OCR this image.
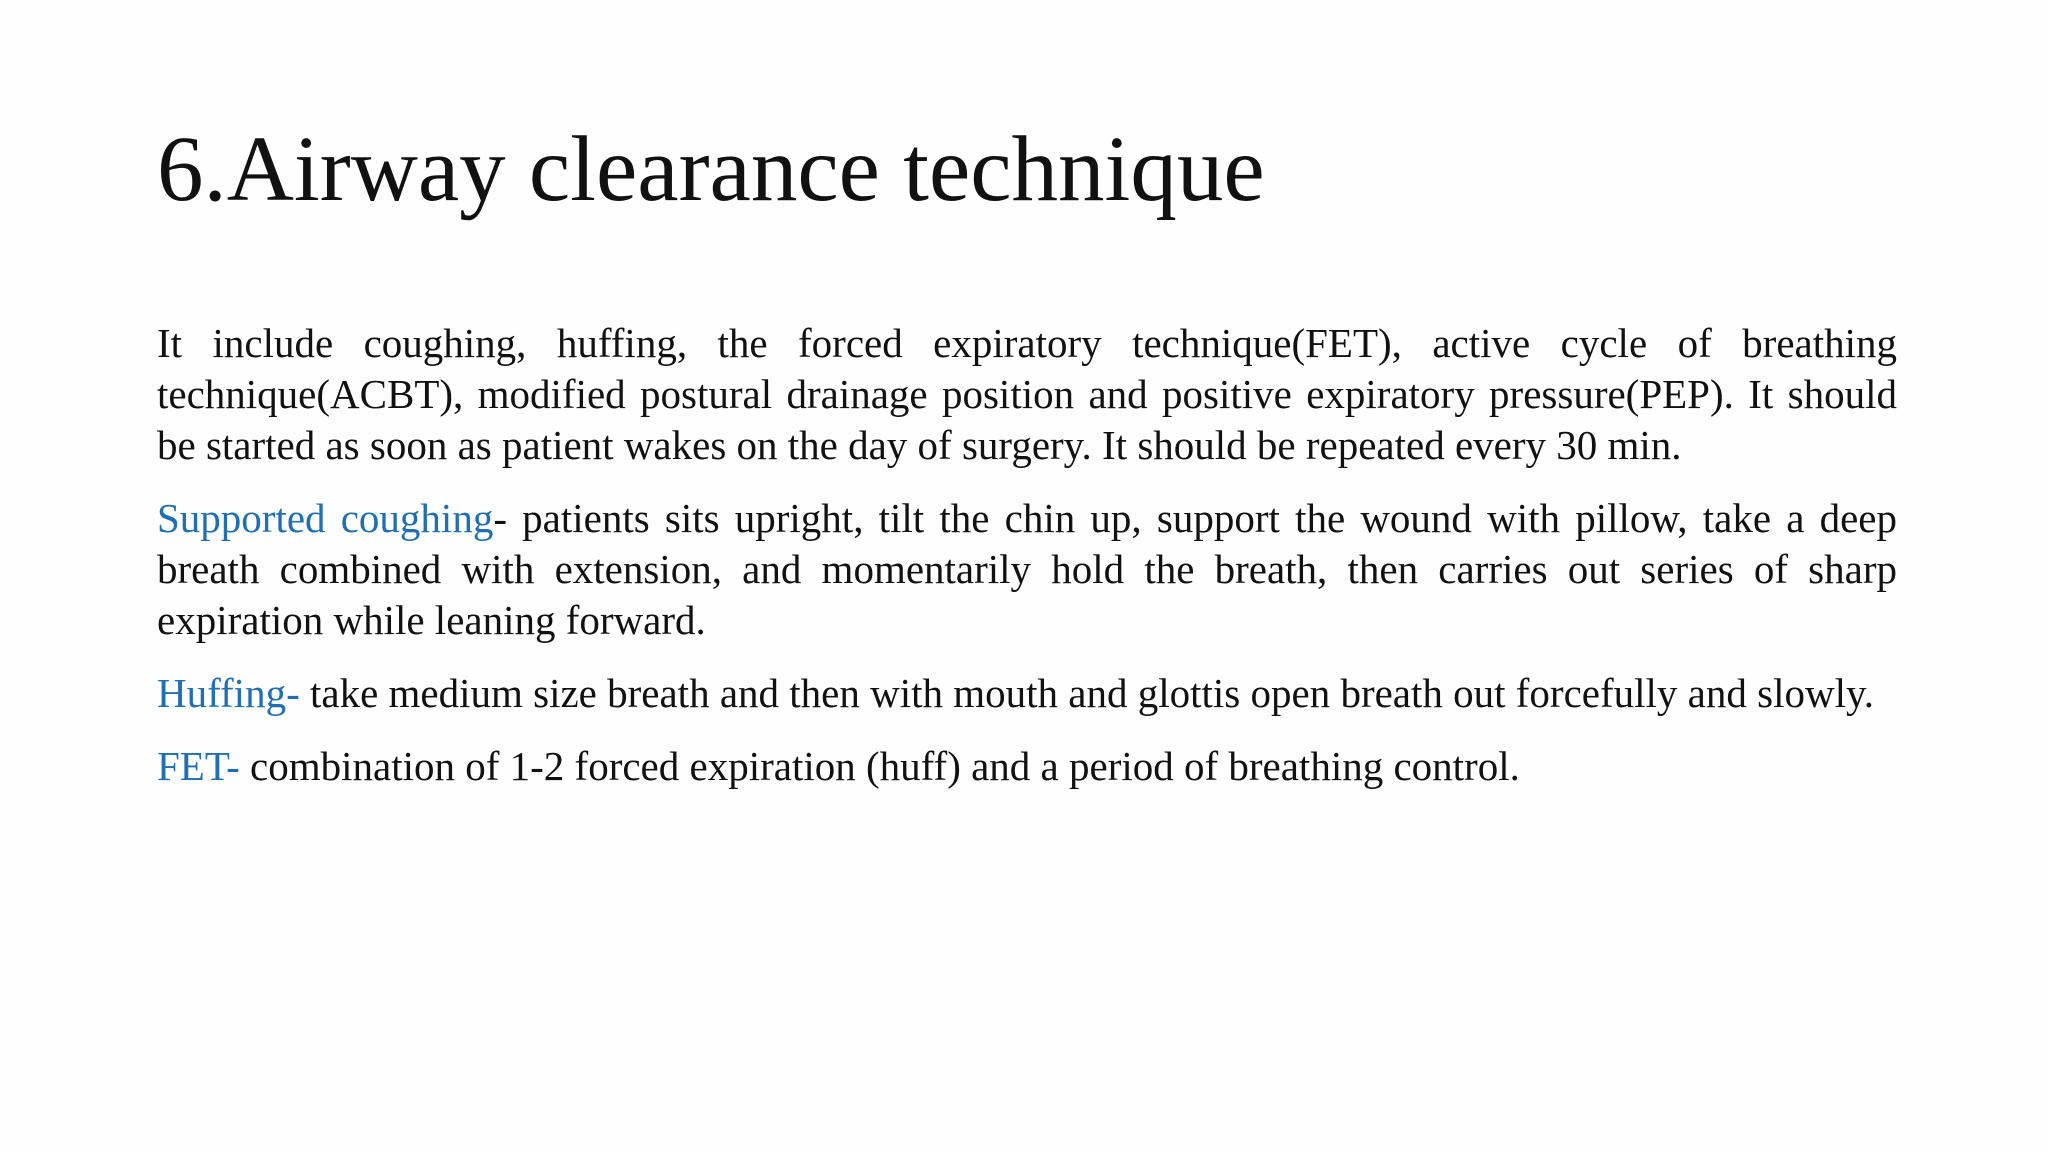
6.Airway clearance technique

It include coughing, huffing, the forced expiratory technique(FET), active cycle of breathing technique(ACBT), modified postural drainage position and positive expiratory pressure(PEP). It should be started as soon as patient wakes on the day of surgery. It should be repeated every 30 min.

Supported coughing- patients sits upright, tilt the chin up, support the wound with pillow, take a deep breath combined with extension, and momentarily hold the breath, then carries out series of sharp expiration while leaning forward.

Huffing- take medium size breath and then with mouth and glottis open breath out forcefully and slowly.

FET- combination of 1-2 forced expiration (huff) and a period of breathing control.
